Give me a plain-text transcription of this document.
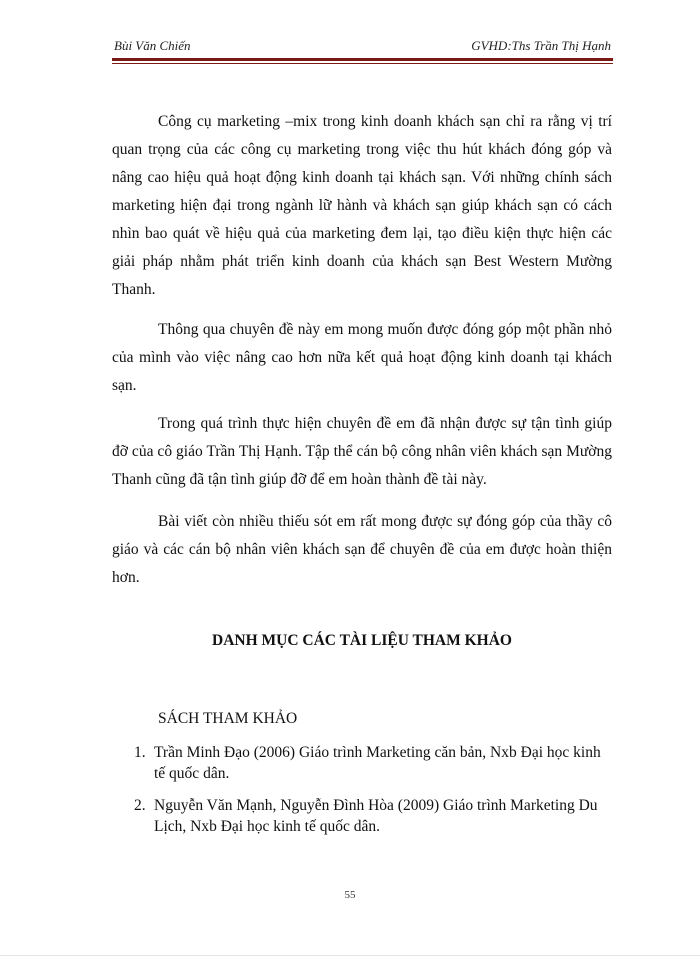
Bùi Văn Chiến	GVHD:Ths Trần Thị Hạnh

Công cụ marketing –mix trong kinh doanh khách sạn chỉ ra rằng vị trí quan trọng của các công cụ marketing trong việc thu hút khách đóng góp và nâng cao hiệu quả hoạt động kinh doanh tại khách sạn. Với những chính sách marketing hiện đại trong ngành lữ hành và khách sạn giúp khách sạn có cách nhìn bao quát về hiệu quả của marketing đem lại, tạo điều kiện thực hiện các giải pháp nhằm phát triển kinh doanh của khách sạn Best Western Mường Thanh.

Thông qua chuyên đề này em mong muốn được đóng góp một phần nhỏ của mình vào việc nâng cao hơn nữa kết quả hoạt động kinh doanh tại khách sạn.

Trong quá trình thực hiện chuyên đề em đã nhận được sự tận tình giúp đỡ của cô giáo Trần Thị Hạnh. Tập thể cán bộ công nhân viên khách sạn Mường Thanh cũng đã tận tình giúp đỡ để em hoàn thành đề tài này.

Bài viết còn nhiều thiếu sót em rất mong được sự đóng góp của thầy cô giáo và các cán bộ nhân viên khách sạn để chuyên đề của em được hoàn thiện hơn.

DANH MỤC CÁC TÀI LIỆU THAM KHẢO
SÁCH THAM KHẢO
1. Trần Minh Đạo (2006) Giáo trình Marketing căn bản, Nxb Đại học kinh tế quốc dân.
2. Nguyễn Văn Mạnh, Nguyễn Đình Hòa (2009) Giáo trình Marketing Du Lịch, Nxb Đại học kinh tế quốc dân.
55
